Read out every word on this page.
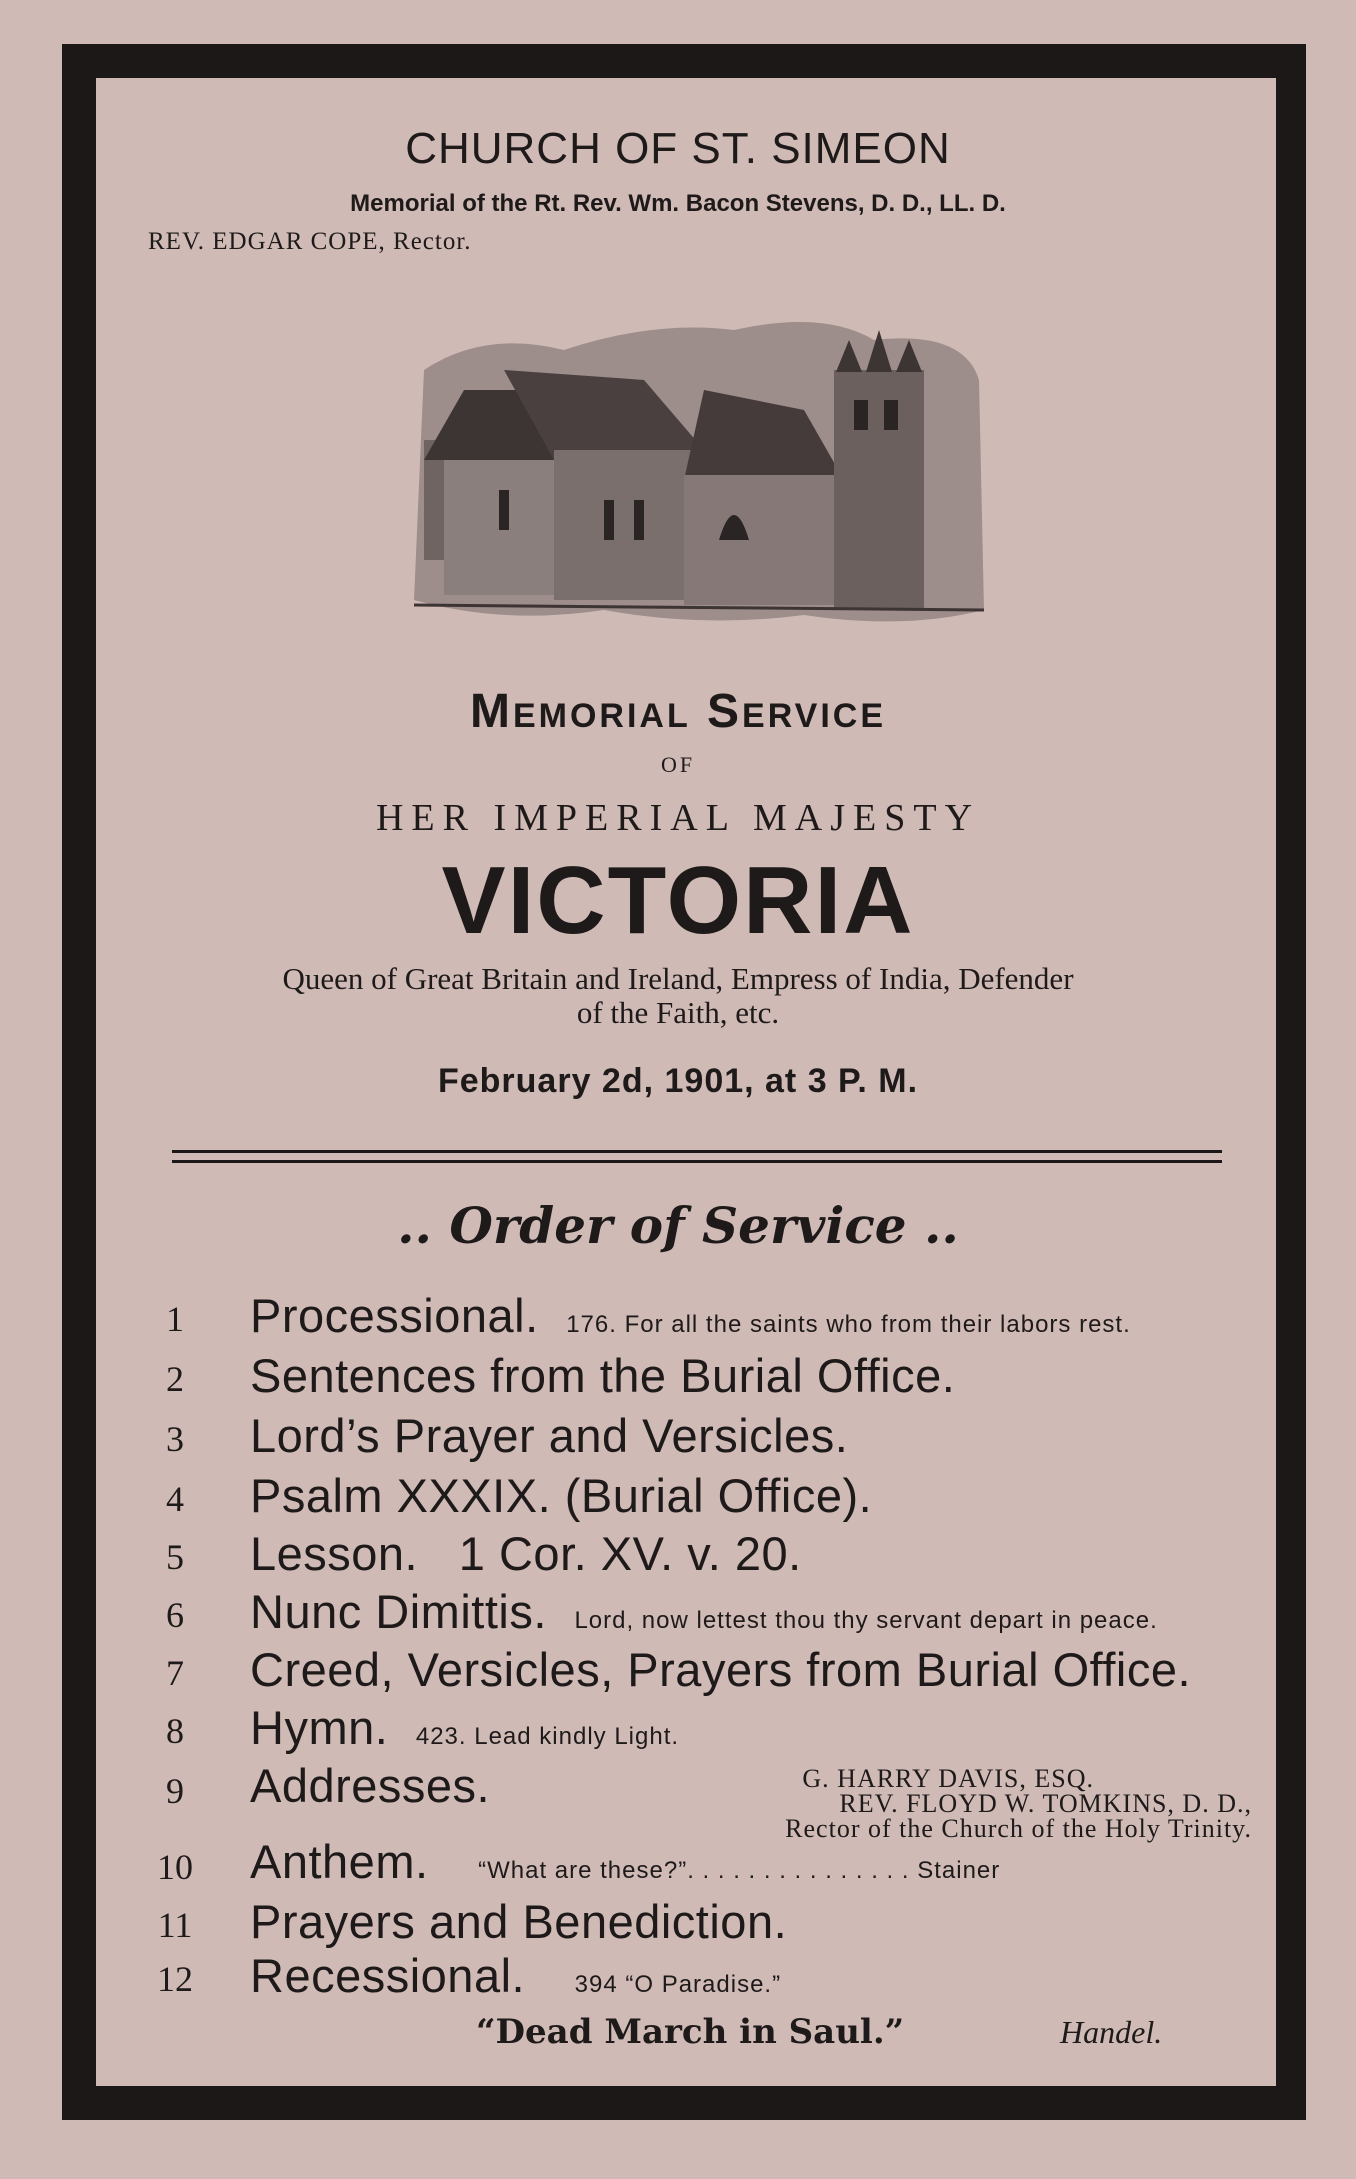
CHURCH OF ST. SIMEON
Memorial of the Rt. Rev. Wm. Bacon Stevens, D. D., LL. D.
REV. EDGAR COPE, Rector.
Memorial Service
OF
HER IMPERIAL MAJESTY
VICTORIA
Queen of Great Britain and Ireland, Empress of India, Defender
of the Faith, etc.
February 2d, 1901, at 3 P. M.
.. Order of Service ..
1 Processional. 176. For all the saints who from their labors rest.
2 Sentences from the Burial Office.
3 Lord’s Prayer and Versicles.
4 Psalm XXXIX. (Burial Office).
5 Lesson.   1 Cor. XV. v. 20.
6 Nunc Dimittis. Lord, now lettest thou thy servant depart in peace.
7 Creed, Versicles, Prayers from Burial Office.
8 Hymn. 423. Lead kindly Light.
9 Addresses.	G. HARRY DAVIS, ESQ.
REV. FLOYD W. TOMKINS, D. D.,
Rector of the Church of the Holy Trinity.
10 Anthem. “What are these?”. . . . . . . . . . . . . . . Stainer
11 Prayers and Benediction.
12 Recessional. 394 “O Paradise.”
“Dead March in Saul.”	Handel.
